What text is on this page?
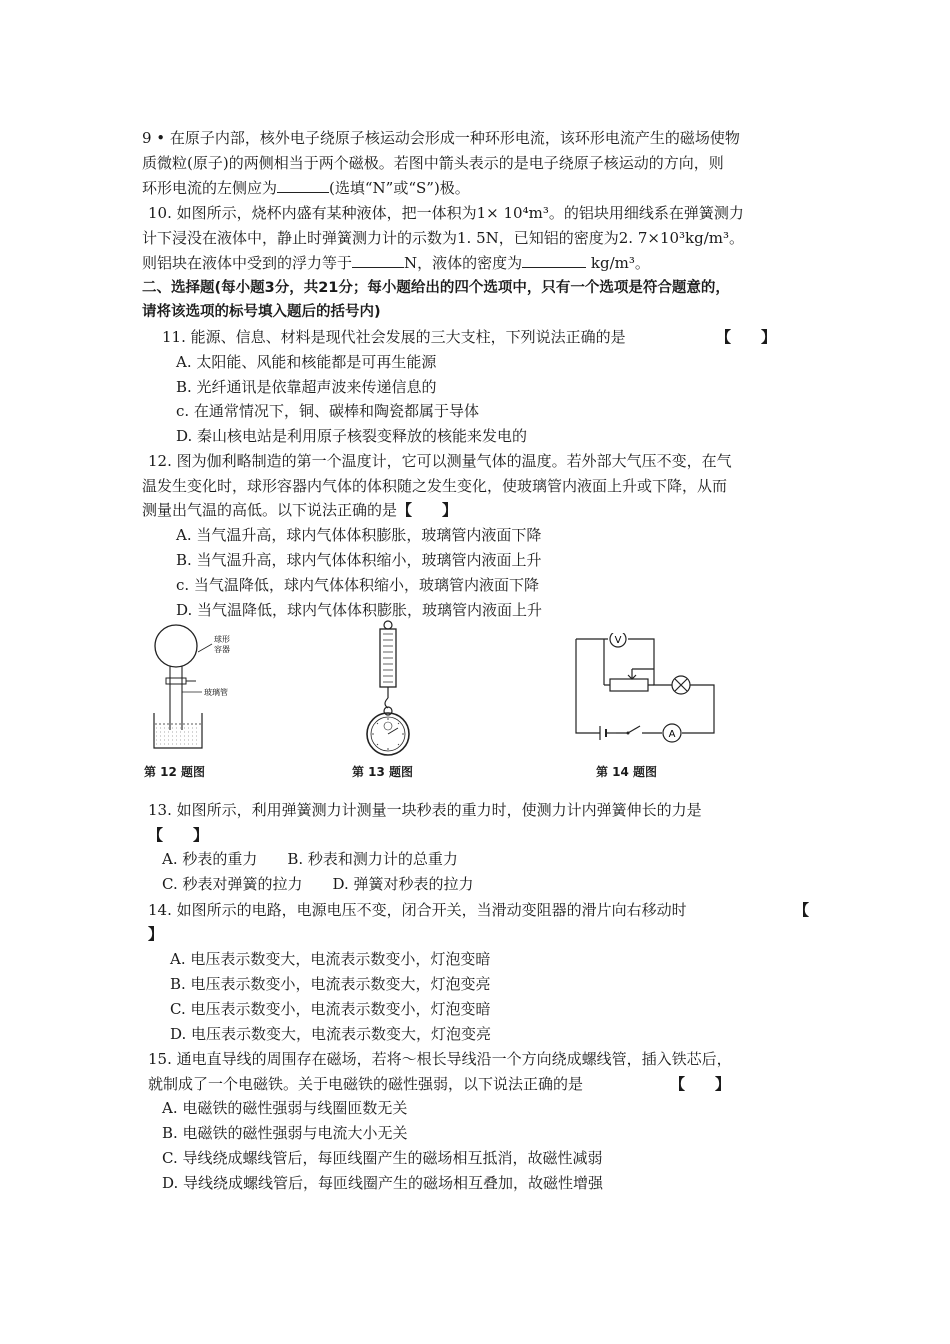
9 • 在原子内部，核外电子绕原子核运动会形成一种环形电流，该环形电流产生的磁场使物
质微粒(原子)的两侧相当于两个磁极。若图中箭头表示的是电子绕原子核运动的方向，则
环形电流的左侧应为	(选填“N”或“S”)极。
10. 如图所示，烧杯内盛有某种液体，把一体积为1× 10⁴m³。的铝块用细线系在弹簧测力
计下浸没在液体中，静止时弹簧测力计的示数为1. 5N，已知铝的密度为2. 7×10³kg/m³。
则铝块在液体中受到的浮力等于	N，液体的密度为	kg/m³。
二、选择题(每小题3分，共21分；每小题给出的四个选项中，只有一个选项是符合题意的，
请将该选项的标号填入题后的括号内)
11. 能源、信息、材料是现代社会发展的三大支柱，下列说法正确的是	【　　】
A. 太阳能、风能和核能都是可再生能源
B. 光纤通讯是依靠超声波来传递信息的
c. 在通常情况下，铜、碳棒和陶瓷都属于导体
D. 秦山核电站是利用原子核裂变释放的核能来发电的
12. 图为伽利略制造的第一个温度计，它可以测量气体的温度。若外部大气压不变，在气
温发生变化时，球形容器内气体的体积随之发生变化，使玻璃管内液面上升或下降，从而
测量出气温的高低。以下说法正确的是【　　】
A. 当气温升高，球内气体体积膨胀，玻璃管内液面下降
B. 当气温升高，球内气体体积缩小，玻璃管内液面上升
c. 当气温降低，球内气体体积缩小，玻璃管内液面下降
D. 当气温降低，球内气体体积膨胀，玻璃管内液面上升
球形 容器
玻璃管
第 12 题图	第 13 题图
V
A
第 14 题图
13. 如图所示，利用弹簧测力计测量一块秒表的重力时，使测力计内弹簧伸长的力是
【　　】
A. 秒表的重力　　B. 秒表和测力计的总重力
C. 秒表对弹簧的拉力　　D. 弹簧对秒表的拉力
14. 如图所示的电路，电源电压不变，闭合开关，当滑动变阻器的滑片向右移动时	【
】
A. 电压表示数变大，电流表示数变小，灯泡变暗
B. 电压表示数变小，电流表示数变大，灯泡变亮
C. 电压表示数变小，电流表示数变小，灯泡变暗
D. 电压表示数变大，电流表示数变大，灯泡变亮
15. 通电直导线的周围存在磁场，若将～根长导线沿一个方向绕成螺线管，插入铁芯后，
就制成了一个电磁铁。关于电磁铁的磁性强弱，以下说法正确的是	【　　】
A. 电磁铁的磁性强弱与线圈匝数无关
B. 电磁铁的磁性强弱与电流大小无关
C. 导线绕成螺线管后，每匝线圈产生的磁场相互抵消，故磁性减弱
D. 导线绕成螺线管后，每匝线圈产生的磁场相互叠加，故磁性增强
